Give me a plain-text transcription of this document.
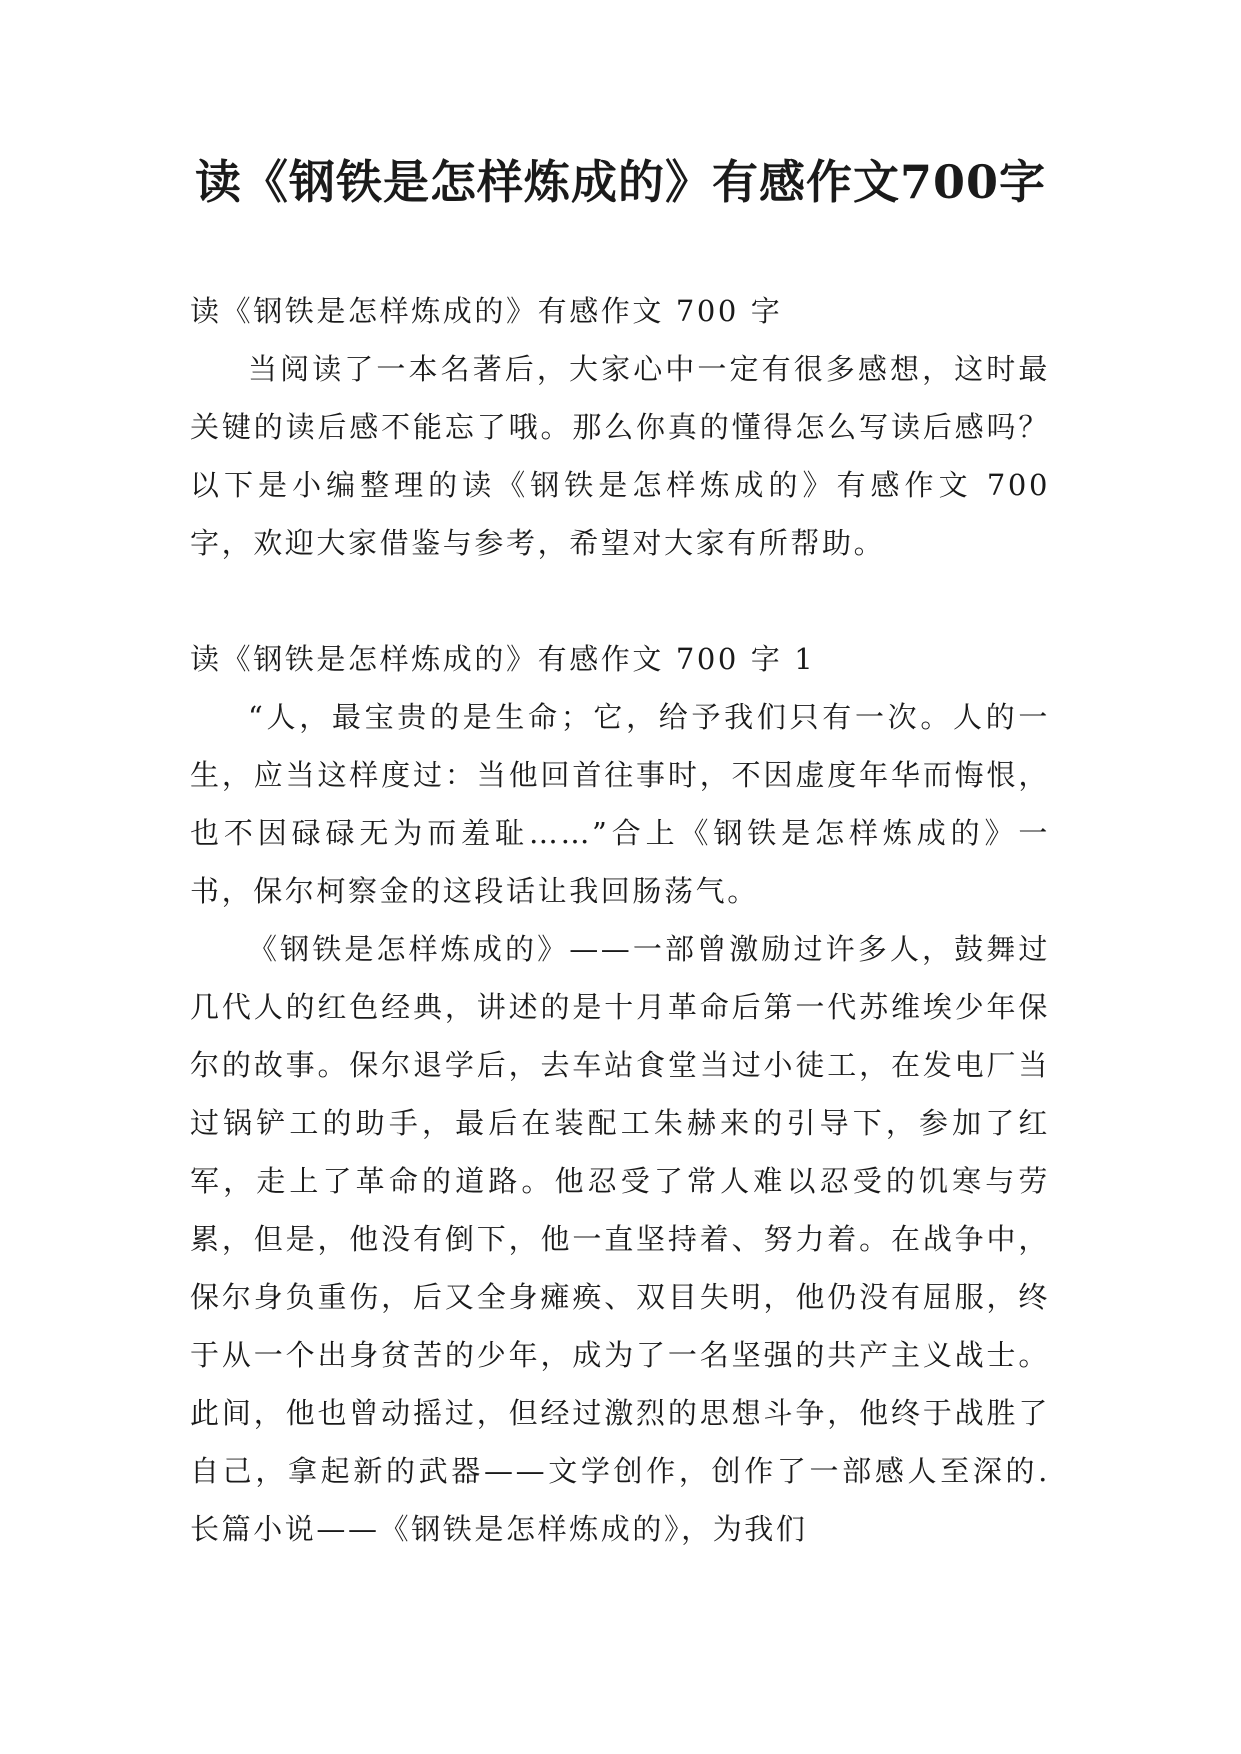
读《钢铁是怎样炼成的》有感作文700字

读《钢铁是怎样炼成的》有感作文 700 字

当阅读了一本名著后，大家心中一定有很多感想，这时最关键的读后感不能忘了哦。那么你真的懂得怎么写读后感吗？以下是小编整理的读《钢铁是怎样炼成的》有感作文 700 字，欢迎大家借鉴与参考，希望对大家有所帮助。

读《钢铁是怎样炼成的》有感作文 700 字 1

“人，最宝贵的是生命；它，给予我们只有一次。人的一生，应当这样度过：当他回首往事时，不因虚度年华而悔恨，也不因碌碌无为而羞耻……”合上《钢铁是怎样炼成的》一书，保尔柯察金的这段话让我回肠荡气。

《钢铁是怎样炼成的》——一部曾激励过许多人，鼓舞过几代人的红色经典，讲述的是十月革命后第一代苏维埃少年保尔的故事。保尔退学后，去车站食堂当过小徒工，在发电厂当过锅铲工的助手，最后在装配工朱赫来的引导下，参加了红军，走上了革命的道路。他忍受了常人难以忍受的饥寒与劳累，但是，他没有倒下，他一直坚持着、努力着。在战争中，保尔身负重伤，后又全身瘫痪、双目失明，他仍没有屈服，终于从一个出身贫苦的少年，成为了一名坚强的共产主义战士。此间，他也曾动摇过，但经过激烈的思想斗争，他终于战胜了自己，拿起新的武器——文学创作，创作了一部感人至深的.长篇小说——《钢铁是怎样炼成的》，为我们
